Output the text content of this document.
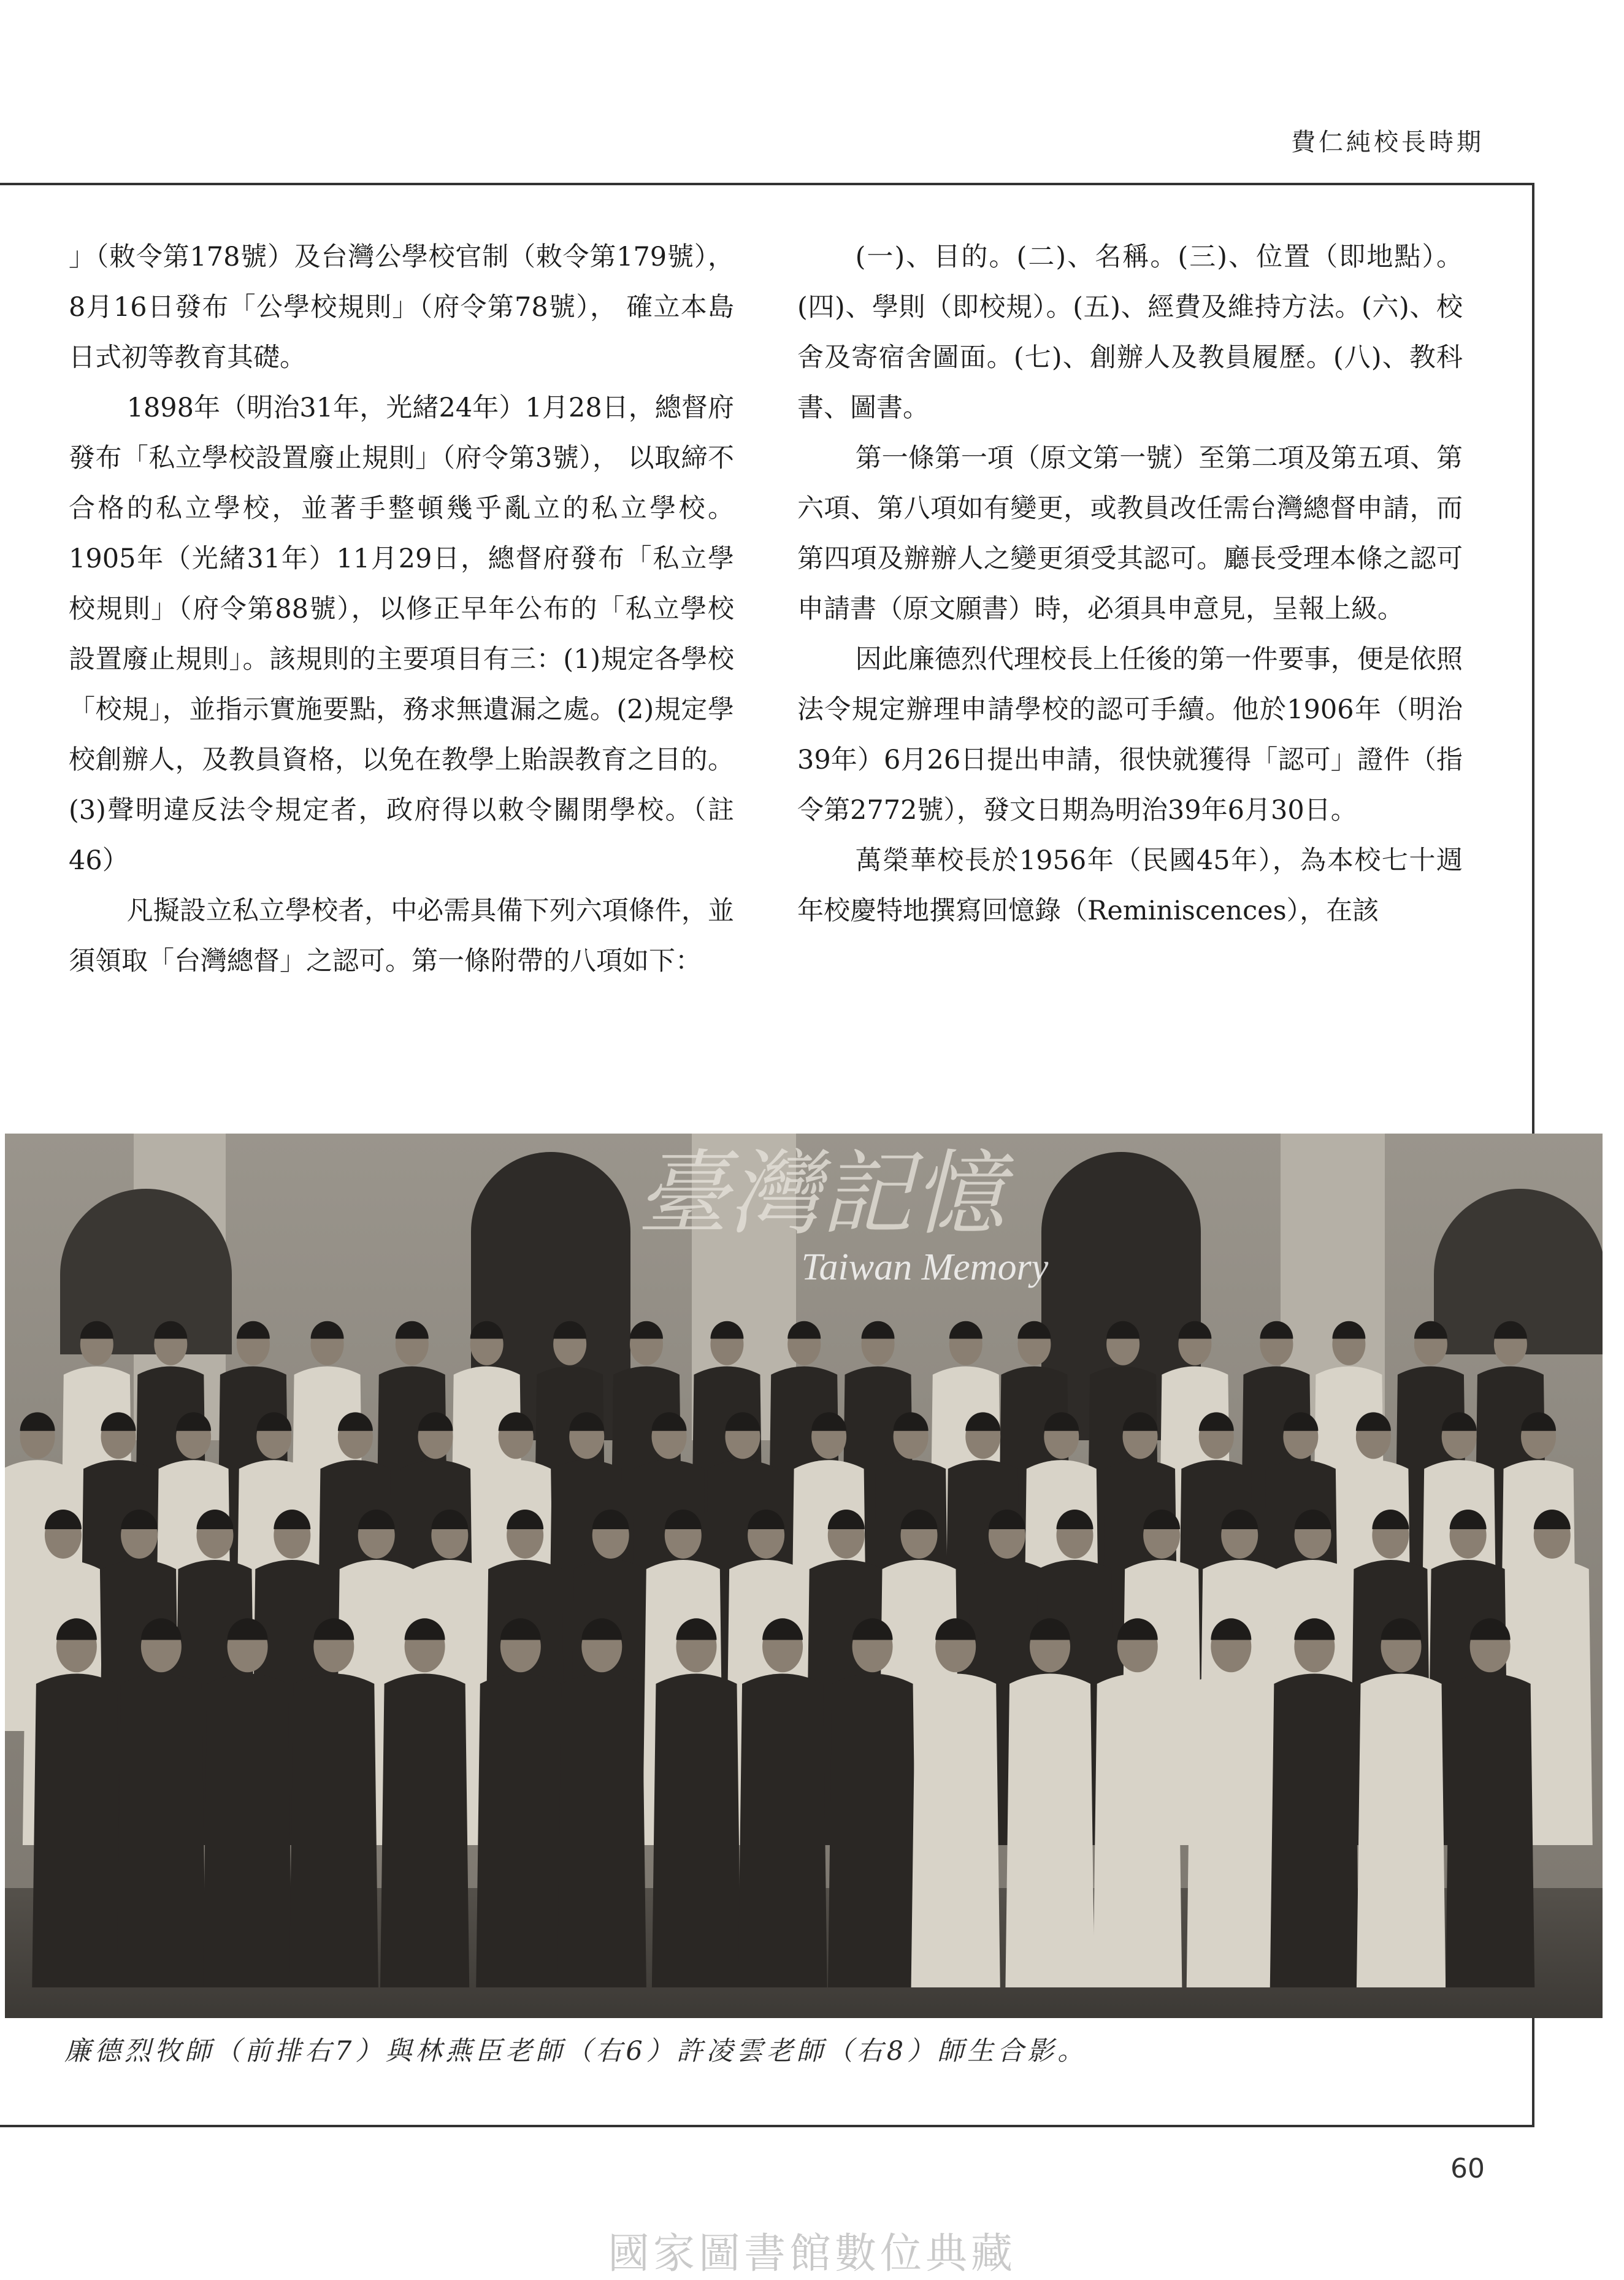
費仁純校長時期

」（敕令第178號）及台灣公學校官制（敕令第179號）， 8月16日發布「公學校規則」（府令第78號）， 確立本島日式初等教育其礎。

1898年（明治31年，光緒24年）1月28日，總督府發布「私立學校設置廢止規則」（府令第3號）， 以取締不合格的私立學校，並著手整頓幾乎亂立的私立學校。1905年（光緒31年）11月29日，總督府發布「私立學校規則」（府令第88號），以修正早年公布的「私立學校設置廢止規則」。該規則的主要項目有三：(1)規定各學校「校規」，並指示實施要點，務求無遺漏之處。(2)規定學校創辦人，及教員資格，以免在教學上貽誤教育之目的。(3)聲明違反法令規定者，政府得以敕令關閉學校。（註46）

凡擬設立私立學校者，中必需具備下列六項條件，並須領取「台灣總督」之認可。第一條附帶的八項如下：

(一)、目的。(二)、名稱。(三)、位置（即地點）。(四)、學則（即校規）。(五)、經費及維持方法。(六)、校舍及寄宿舍圖面。(七)、創辦人及教員履歷。(八)、教科書、圖書。

第一條第一項（原文第一號）至第二項及第五項、第六項、第八項如有變更，或教員改任需台灣總督申請，而第四項及辦辦人之變更須受其認可。廳長受理本條之認可申請書（原文願書）時，必須具申意見，呈報上級。

因此廉德烈代理校長上任後的第一件要事，便是依照法令規定辦理申請學校的認可手續。他於1906年（明治39年）6月26日提出申請，很快就獲得「認可」證件（指令第2772號），發文日期為明治39年6月30日。

萬榮華校長於1956年（民國45年），為本校七十週年校慶特地撰寫回憶錄（Reminiscences），在該

臺灣記憶
Taiwan Memory
廉德烈牧師（前排右7）與林燕臣老師（右6）許凌雲老師（右8）師生合影。
60
國家圖書館數位典藏
